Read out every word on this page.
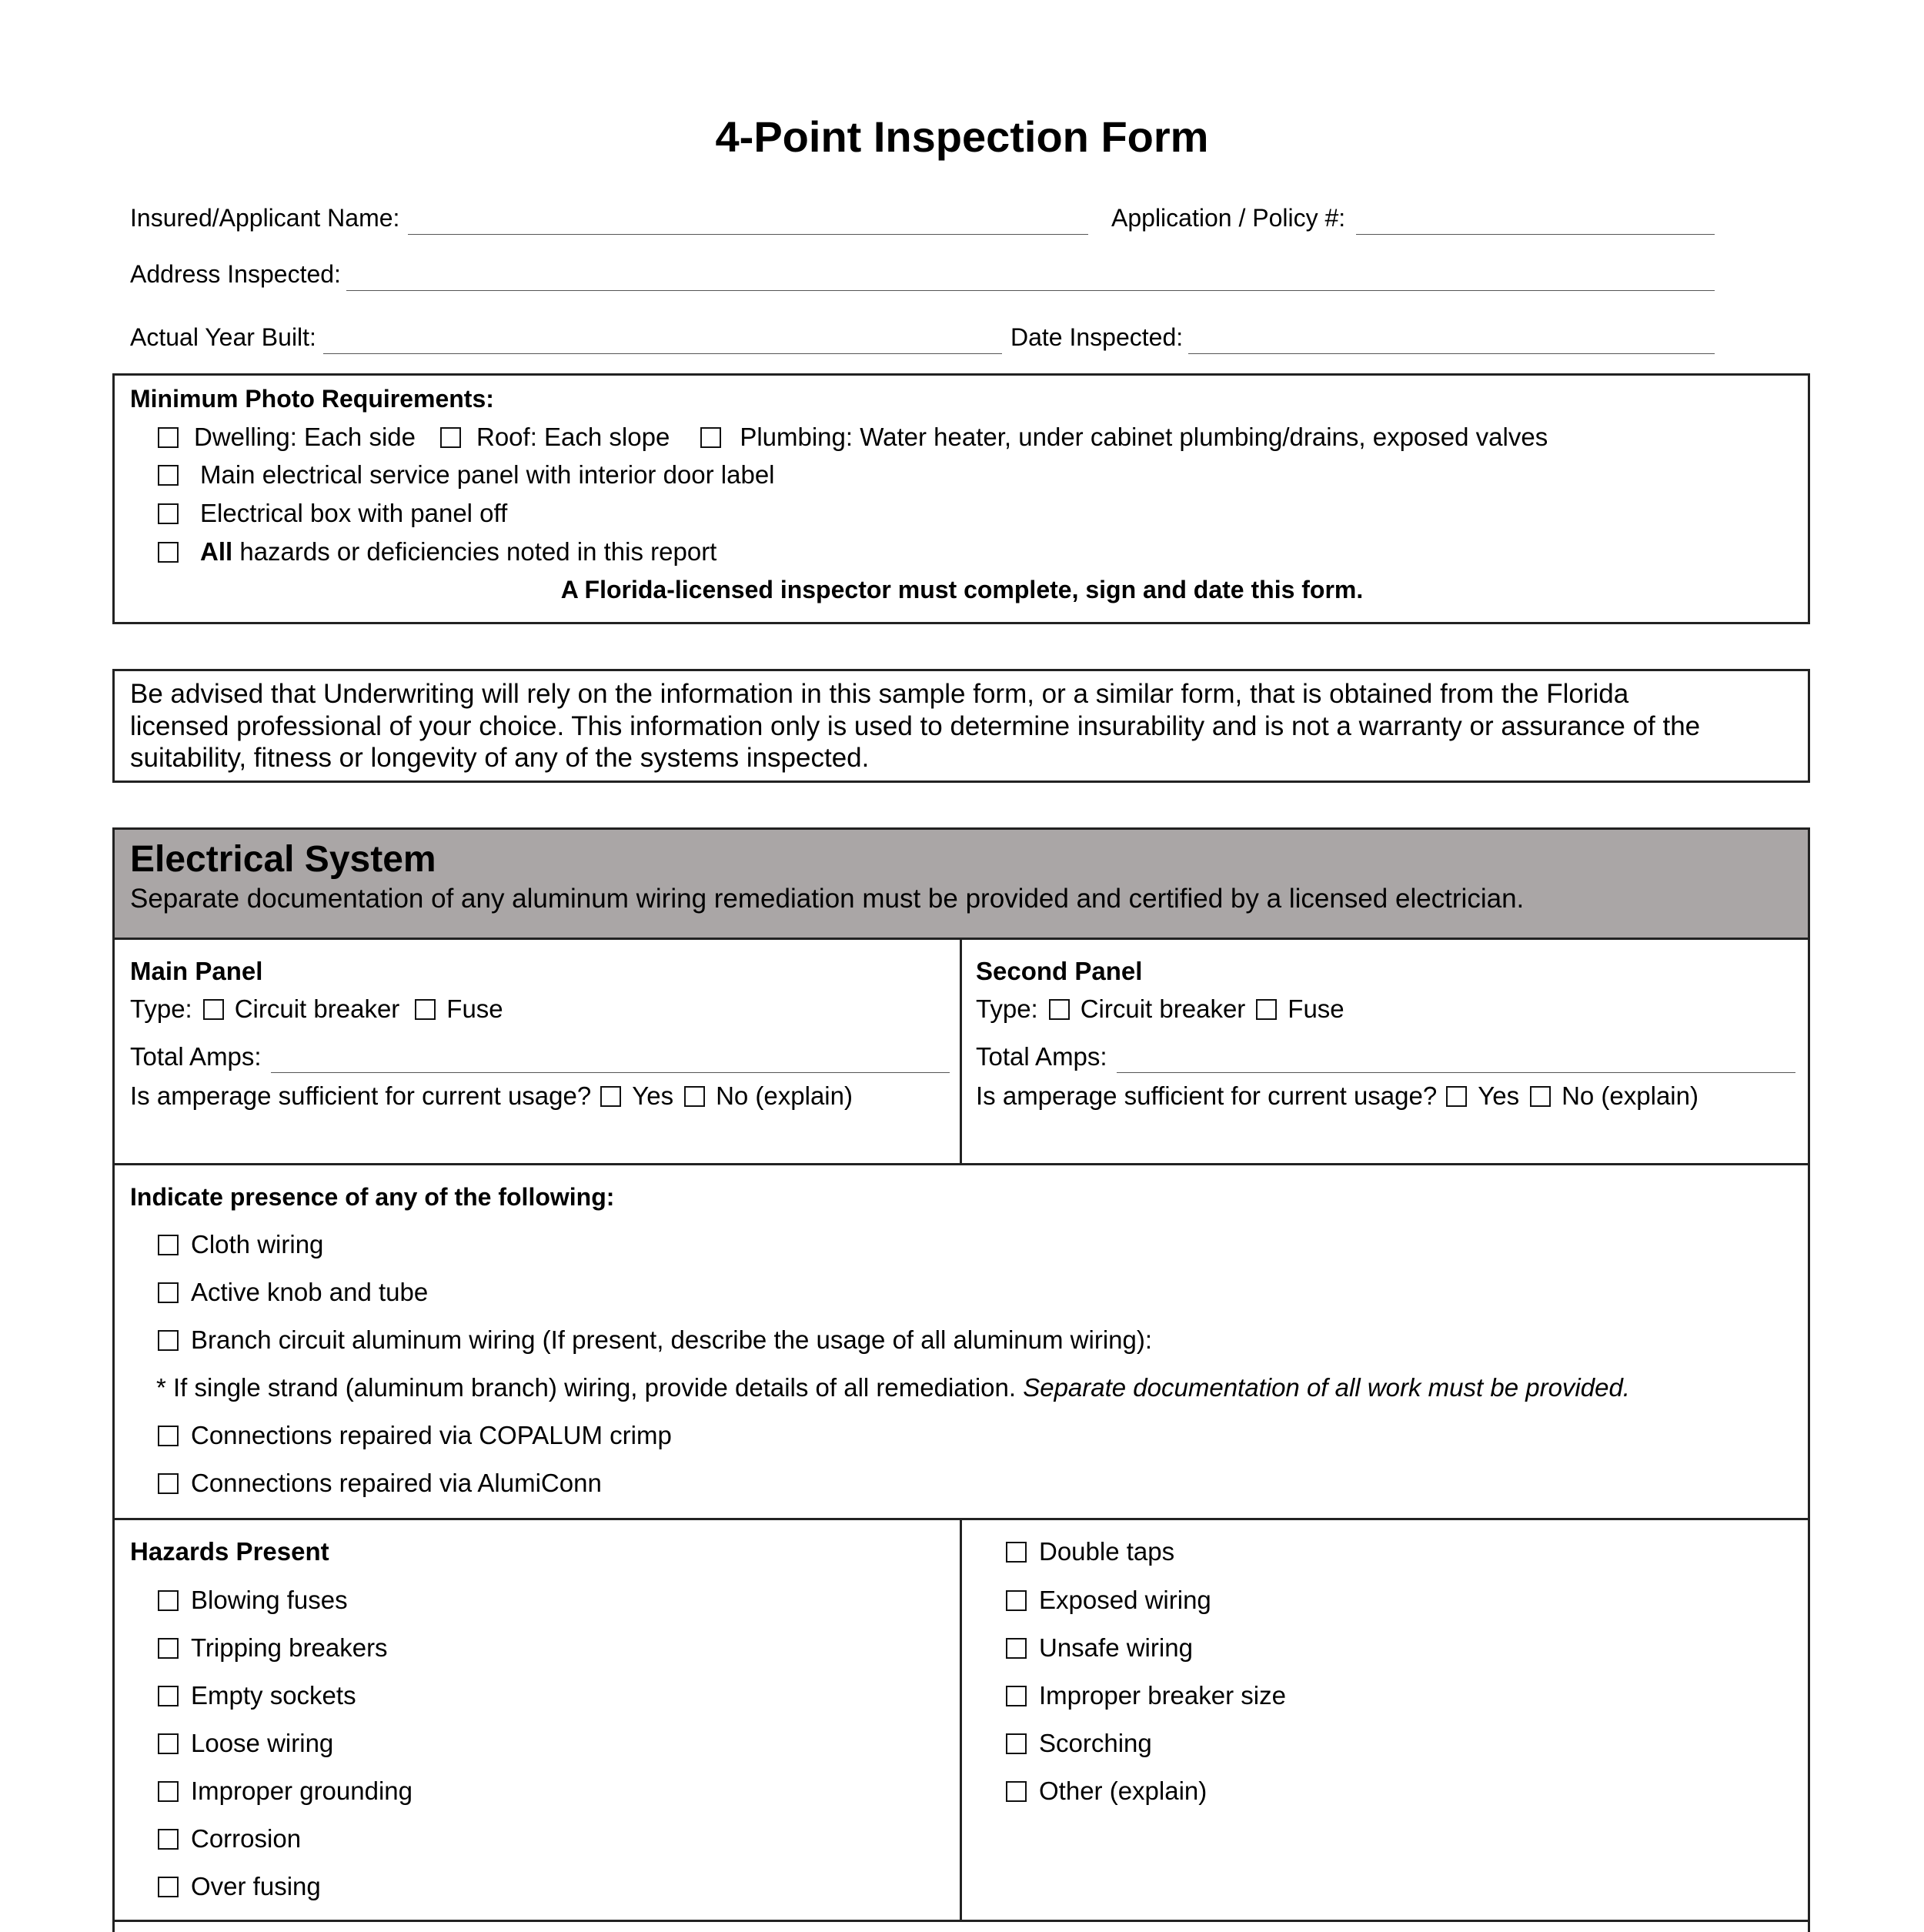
4-Point Inspection Form
Insured/Applicant Name:	Application / Policy #:
Address Inspected:
Actual Year Built:	Date Inspected:
Minimum Photo Requirements:
Dwelling: Each side Roof: Each slope	Plumbing: Water heater, under cabinet plumbing/drains, exposed valves
Main electrical service panel with interior door label
Electrical box with panel off
All hazards or deficiencies noted in this report
A Florida-licensed inspector must complete, sign and date this form.
Be advised that Underwriting will rely on the information in this sample form, or a similar form, that is obtained from the Florida
licensed professional of your choice. This information only is used to determine insurability and is not a warranty or assurance of the
suitability, fitness or longevity of any of the systems inspected.
Electrical System
Separate documentation of any aluminum wiring remediation must be provided and certified by a licensed electrician.
Main Panel
Type: Circuit breaker Fuse
Total Amps:
Is amperage sufficient for current usage? Yes No (explain)
Second Panel
Type: Circuit breaker Fuse
Total Amps:
Is amperage sufficient for current usage? Yes No (explain)
Indicate presence of any of the following:
Cloth wiring
Active knob and tube
Branch circuit aluminum wiring (If present, describe the usage of all aluminum wiring):
* If single strand (aluminum branch) wiring, provide details of all remediation. Separate documentation of all work must be provided.
Connections repaired via COPALUM crimp
Connections repaired via AlumiConn
Hazards Present
Blowing fuses
Tripping breakers
Empty sockets
Loose wiring
Improper grounding
Corrosion
Over fusing
Double taps
Exposed wiring
Unsafe wiring
Improper breaker size
Scorching
Other (explain)
